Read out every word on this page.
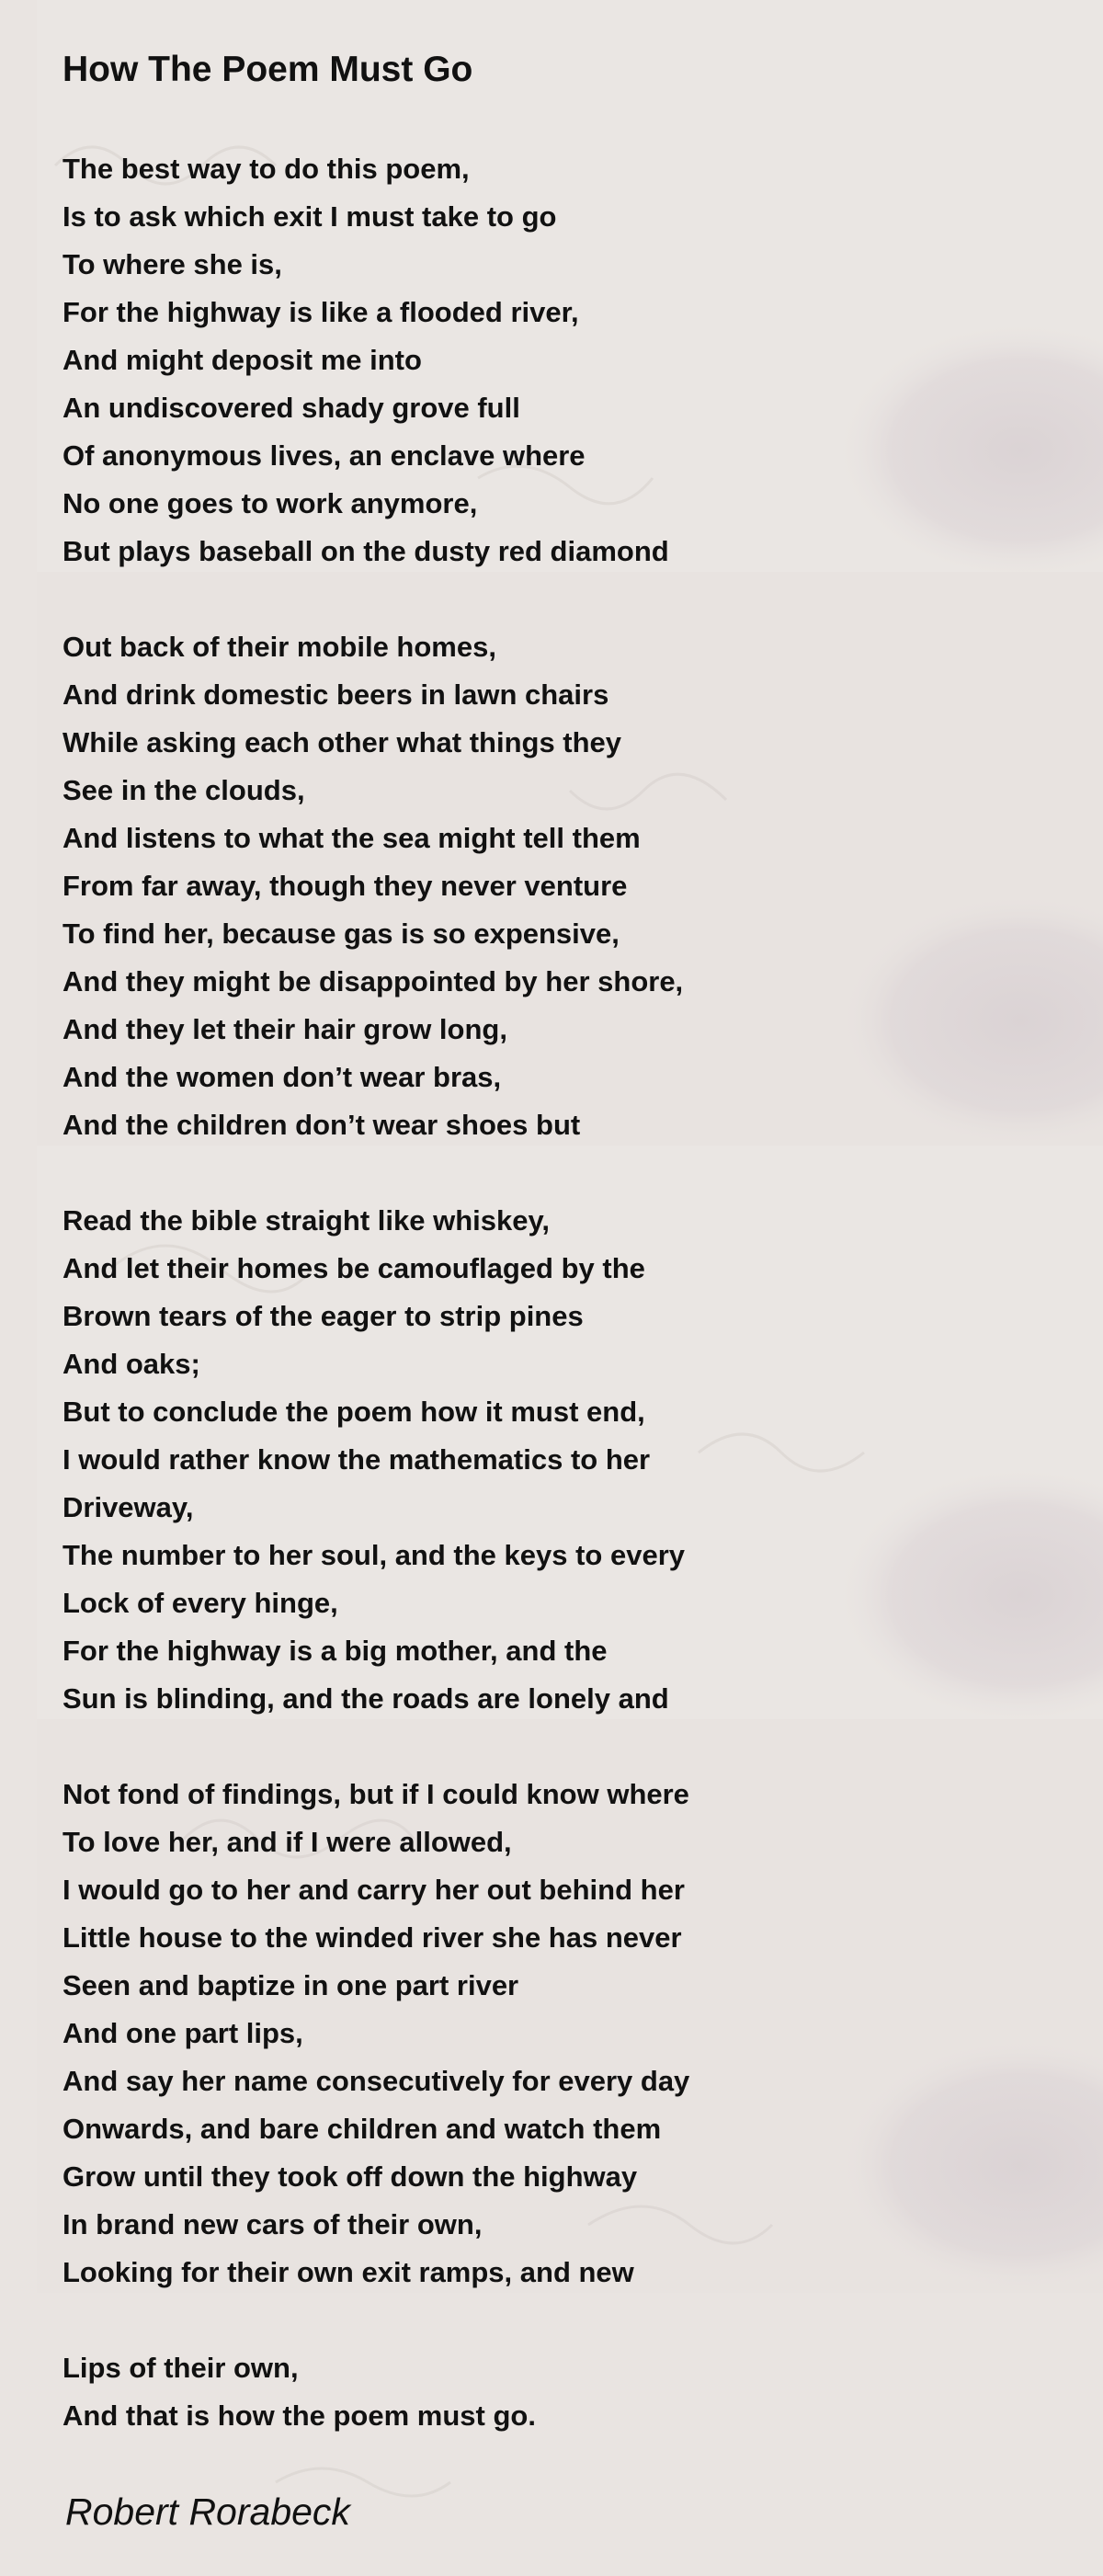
How The Poem Must Go
The best way to do this poem,
Is to ask which exit I must take to go
To where she is,
For the highway is like a flooded river,
And might deposit me into
An undiscovered shady grove full
Of anonymous lives, an enclave where
No one goes to work anymore,
But plays baseball on the dusty red diamond
Out back of their mobile homes,
And drink domestic beers in lawn chairs
While asking each other what things they
See in the clouds,
And listens to what the sea might tell them
From far away, though they never venture
To find her, because gas is so expensive,
And they might be disappointed by her shore,
And they let their hair grow long,
And the women don’t wear bras,
And the children don’t wear shoes but
Read the bible straight like whiskey,
And let their homes be camouflaged by the
Brown tears of the eager to strip pines
And oaks;
But to conclude the poem how it must end,
I would rather know the mathematics to her
Driveway,
The number to her soul, and the keys to every
Lock of every hinge,
For the highway is a big mother, and the
Sun is blinding, and the roads are lonely and
Not fond of findings, but if I could know where
To love her, and if I were allowed,
I would go to her and carry her out behind her
Little house to the winded river she has never
Seen and baptize in one part river
And one part lips,
And say her name consecutively for every day
Onwards, and bare children and watch them
Grow until they took off down the highway
In brand new cars of their own,
Looking for their own exit ramps, and new
Lips of their own,
And that is how the poem must go.
Robert Rorabeck
